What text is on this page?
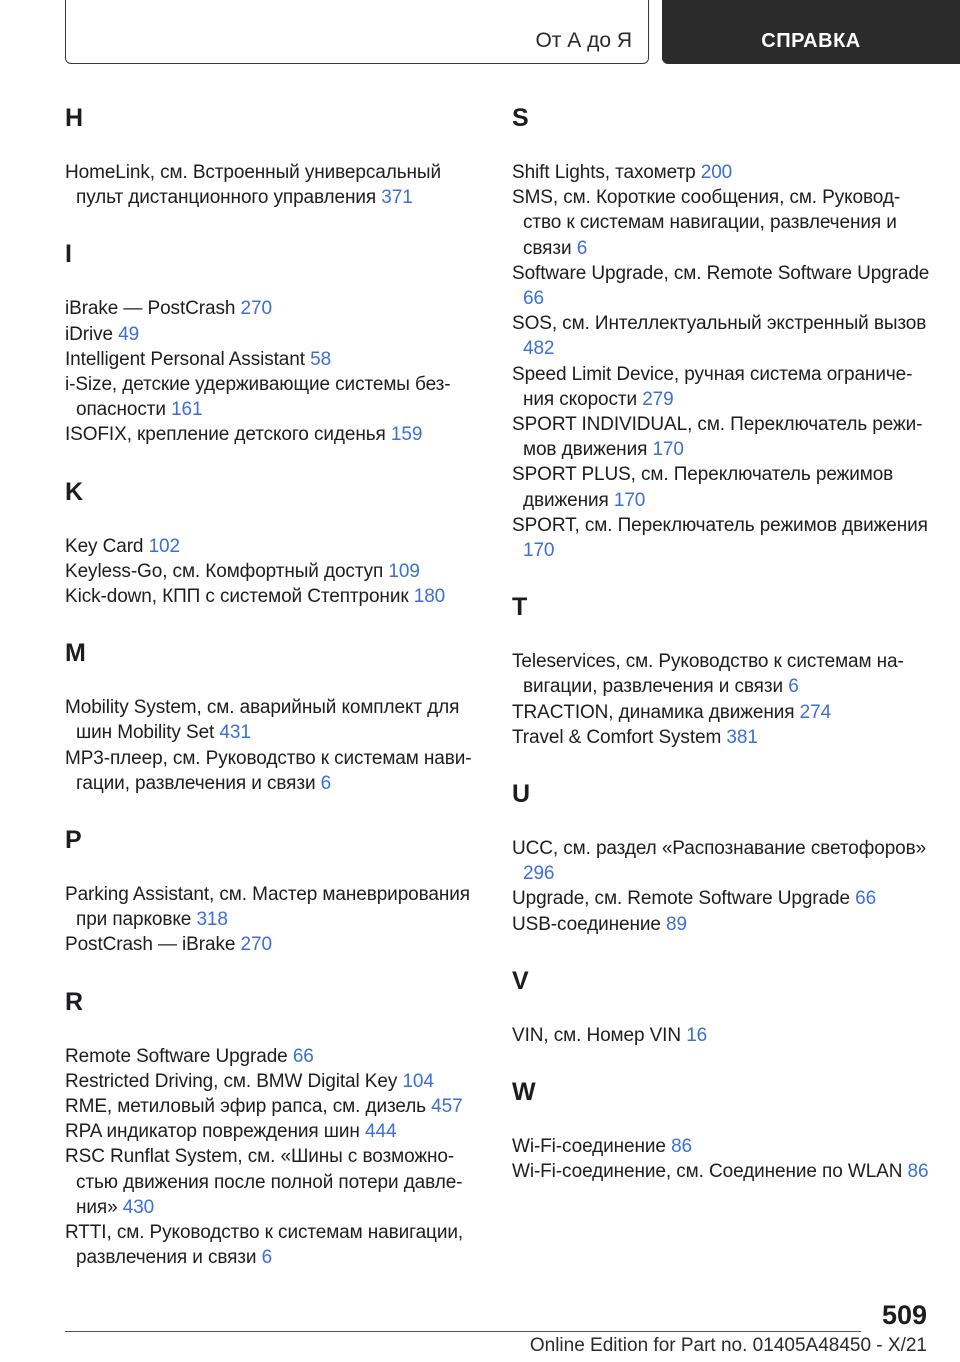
От А до Я	СПРАВКА
H
HomeLink, см. Встроенный универсальный пульт дистанционного управления 371
I
iBrake — PostCrash 270
iDrive 49
Intelligent Personal Assistant 58
i-Size, детские удерживающие системы безопасности 161
ISOFIX, крепление детского сиденья 159
K
Key Card 102
Keyless-Go, см. Комфортный доступ 109
Kick-down, КПП с системой Стептроник 180
M
Mobility System, см. аварийный комплект для шин Mobility Set 431
MP3-плеер, см. Руководство к системам навигации, развлечения и связи 6
P
Parking Assistant, см. Мастер маневрирования при парковке 318
PostCrash — iBrake 270
R
Remote Software Upgrade 66
Restricted Driving, см. BMW Digital Key 104
RME, метиловый эфир рапса, см. дизель 457
RPA индикатор повреждения шин 444
RSC Runflat System, см. «Шины с возможностью движения после полной потери давления» 430
RTTI, см. Руководство к системам навигации, развлечения и связи 6
S
Shift Lights, тахометр 200
SMS, см. Короткие сообщения, см. Руководство к системам навигации, развлечения и связи 6
Software Upgrade, см. Remote Software Upgrade 66
SOS, см. Интеллектуальный экстренный вызов 482
Speed Limit Device, ручная система ограничения скорости 279
SPORT INDIVIDUAL, см. Переключатель режимов движения 170
SPORT PLUS, см. Переключатель режимов движения 170
SPORT, см. Переключатель режимов движения 170
T
Teleservices, см. Руководство к системам навигации, развлечения и связи 6
TRACTION, динамика движения 274
Travel & Comfort System 381
U
UCC, см. раздел «Распознавание светофоров» 296
Upgrade, см. Remote Software Upgrade 66
USB-соединение 89
V
VIN, см. Номер VIN 16
W
Wi-Fi-соединение 86
Wi-Fi-соединение, см. Соединение по WLAN 86
509
Online Edition for Part no. 01405A48450 - X/21
